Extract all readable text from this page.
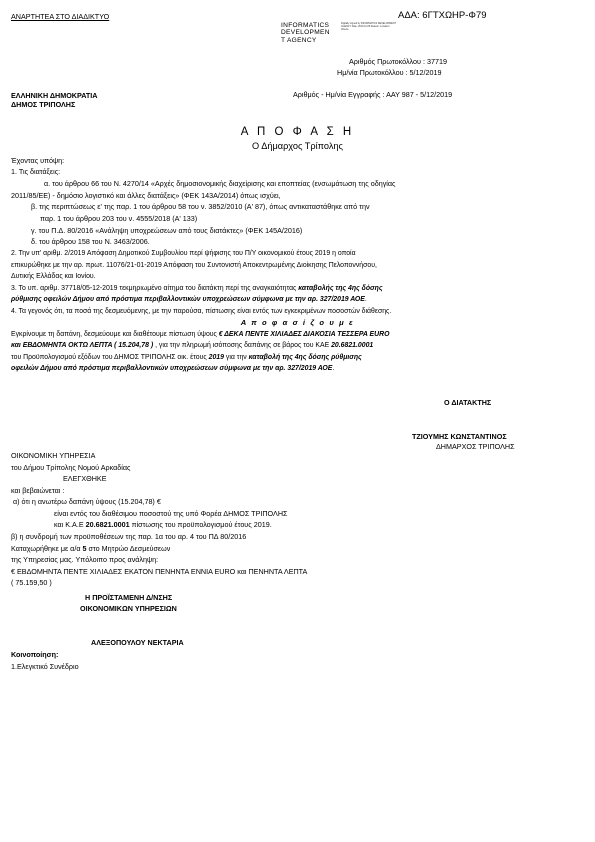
ΑΝΑΡΤΗΤΕΑ ΣΤΟ ΔΙΑΔΙΚΤΥΟ	ΑΔΑ: 6ΓΤΧΩΗΡ-Φ79
INFORMATICS
DEVELOPMEN
T AGENCY
Digitally signed by INFORMATICS DEVELOPMENT AGENCY Date: 2019.12.05 Reason: Location: Athens
Αριθμός Πρωτοκόλλου : 37719
Ημ/νία Πρωτοκόλλου : 5/12/2019
ΕΛΛΗΝΙΚΗ ΔΗΜΟΚΡΑΤΙΑ
ΔΗΜΟΣ ΤΡΙΠΟΛΗΣ
Αριθμός - Ημ/νία Εγγραφής : ΑΑΥ 987 - 5/12/2019
Α Π Ο Φ Α Σ Η
Ο Δήμαρχος Τρίπολης
Έχοντας υπόψη:
1. Τις διατάξεις:
α. του άρθρου 66 του Ν. 4270/14 «Αρχές δημοσιονομικής διαχείρισης και εποπτείας (ενσωμάτωση της οδηγίας
2011/85/ΕΕ) - δημόσιο λογιστικό και άλλες διατάξεις» (ΦΕΚ 143Α/2014) όπως ισχύει,
β. της περιπτώσεως ε' της παρ. 1 του άρθρου 58 του ν. 3852/2010 (Α' 87), όπως αντικαταστάθηκε από την
παρ. 1 του άρθρου 203 του ν. 4555/2018 (Α' 133)
γ. του Π.Δ. 80/2016 «Ανάληψη υποχρεώσεων από τους διατάκτες» (ΦΕΚ 145Α/2016)
δ. του άρθρου 158 του Ν. 3463/2006.
2. Την υπ' αριθμ. 2/2019 Απόφαση Δημοτικού Συμβουλίου περί ψήφισης του Π/Υ οικονομικού έτους 2019 η οποία
επικυρώθηκε με την αρ. πρωτ. 11076/21-01-2019 Απόφαση του Συντονιστή Αποκεντρωμένης Διοίκησης Πελοποννήσου,
Δυτικής Ελλάδας και Ιονίου.
3. Το υπ. αριθμ. 37718/05-12-2019 τεκμηριωμένο αίτημα του διατάκτη περί της αναγκαιότητας καταβολής της 4ης δόσης
ρύθμισης οφειλών Δήμου από πρόστιμα περιβαλλοντικών υποχρεώσεων σύμφωνα με την αρ. 327/2019 ΑΟΕ.
4. Τα γεγονός ότι, τα ποσά της δεσμευόμενης, με την παρούσα, πίστωσης είναι εντός των εγκεκριμένων ποσοστών διάθεσης.
Α π ο φ α σ ί ζ ο υ μ ε
Εγκρίνουμε τη δαπάνη, δεσμεύουμε και διαθέτουμε πίστωση ύψους € ΔΕΚΑ ΠΕΝΤΕ ΧΙΛΙΑΔΕΣ ΔΙΑΚΟΣΙΑ ΤΕΣΣΕΡΑ EURO
και ΕΒΔΟΜΗΝΤΑ ΟΚΤΩ ΛΕΠΤΑ ( 15.204,78 ) , για την πληρωμή ισόποσης δαπάνης σε βάρος του ΚΑΕ 20.6821.0001
του Προϋπολογισμού εξόδων του ΔΗΜΟΣ ΤΡΙΠΟΛΗΣ οικ. έτους 2019 για την καταβολή της 4ης δόσης ρύθμισης
οφειλών Δήμου από πρόστιμα περιβαλλοντικών υποχρεώσεων σύμφωνα με την αρ. 327/2019 ΑΟΕ.
Ο ΔΙΑΤΑΚΤΗΣ
ΤΖΙΟΥΜΗΣ ΚΩΝΣΤΑΝΤΙΝΟΣ
ΔΗΜΑΡΧΟΣ ΤΡΙΠΟΛΗΣ
ΟΙΚΟΝΟΜΙΚΗ ΥΠΗΡΕΣΙΑ
του Δήμου Τρίπολης Νομού Αρκαδίας
ΕΛΕΓΧΘΗΚΕ
και βεβαιώνεται :
α) ότι η ανωτέρω δαπάνη ύψους (15.204,78) €
είναι εντός του διαθέσιμου ποσοστού της υπό Φορέα ΔΗΜΟΣ ΤΡΙΠΟΛΗΣ
και Κ.Α.Ε 20.6821.0001 πίστωσης του προϋπολογισμού έτους 2019.
β) η συνδρομή των προϋποθέσεων της παρ. 1α του αρ. 4 του ΠΔ 80/2016
Καταχωρήθηκε με α/α 5 στο Μητρώο Δεσμεύσεων
της Υπηρεσίας μας. Υπόλοιπο προς ανάληψη:
€ ΕΒΔΟΜΗΝΤΑ ΠΕΝΤΕ ΧΙΛΙΑΔΕΣ ΕΚΑΤΟΝ ΠΕΝΗΝΤΑ ΕΝΝΙΑ EURO και ΠΕΝΗΝΤΑ ΛΕΠΤΑ
( 75.159,50 )
Η ΠΡΟΪΣΤΑΜΕΝΗ Δ/ΝΣΗΣ
ΟΙΚΟΝΟΜΙΚΩΝ ΥΠΗΡΕΣΙΩΝ
ΑΛΕΞΟΠΟΥΛΟΥ ΝΕΚΤΑΡΙΑ
Κοινοποίηση:
1.Ελεγκτικό Συνέδριο
